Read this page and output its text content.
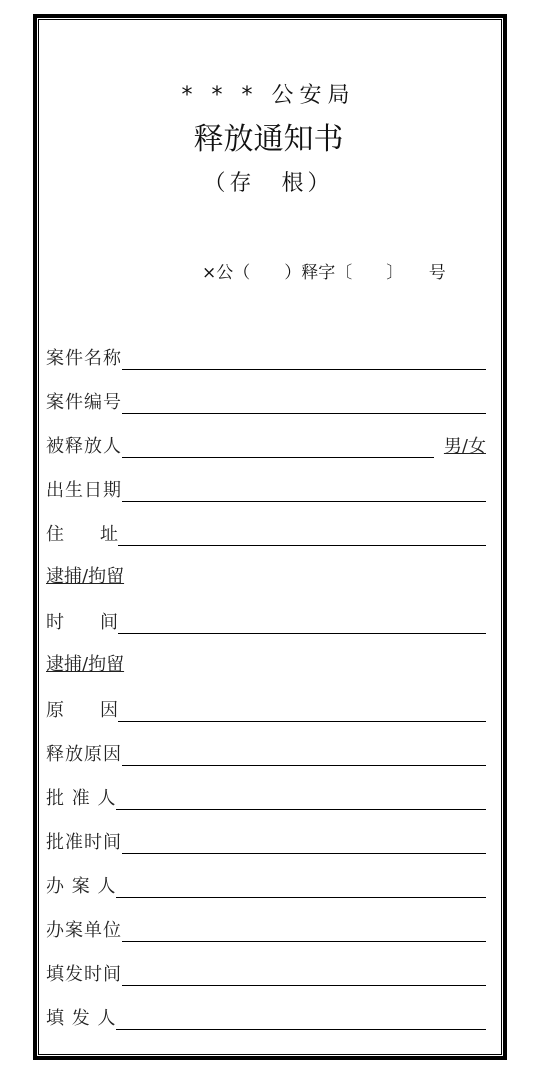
* * * 公安局
释放通知书
（存　根）
×公（　　）释字〔　　〕　　号
案件名称
案件编号
被释放人	男/女
出生日期
住　　址
逮捕/拘留
时　　间
逮捕/拘留
原　　因
释放原因
批 准 人
批准时间
办 案 人
办案单位
填发时间
填 发 人
